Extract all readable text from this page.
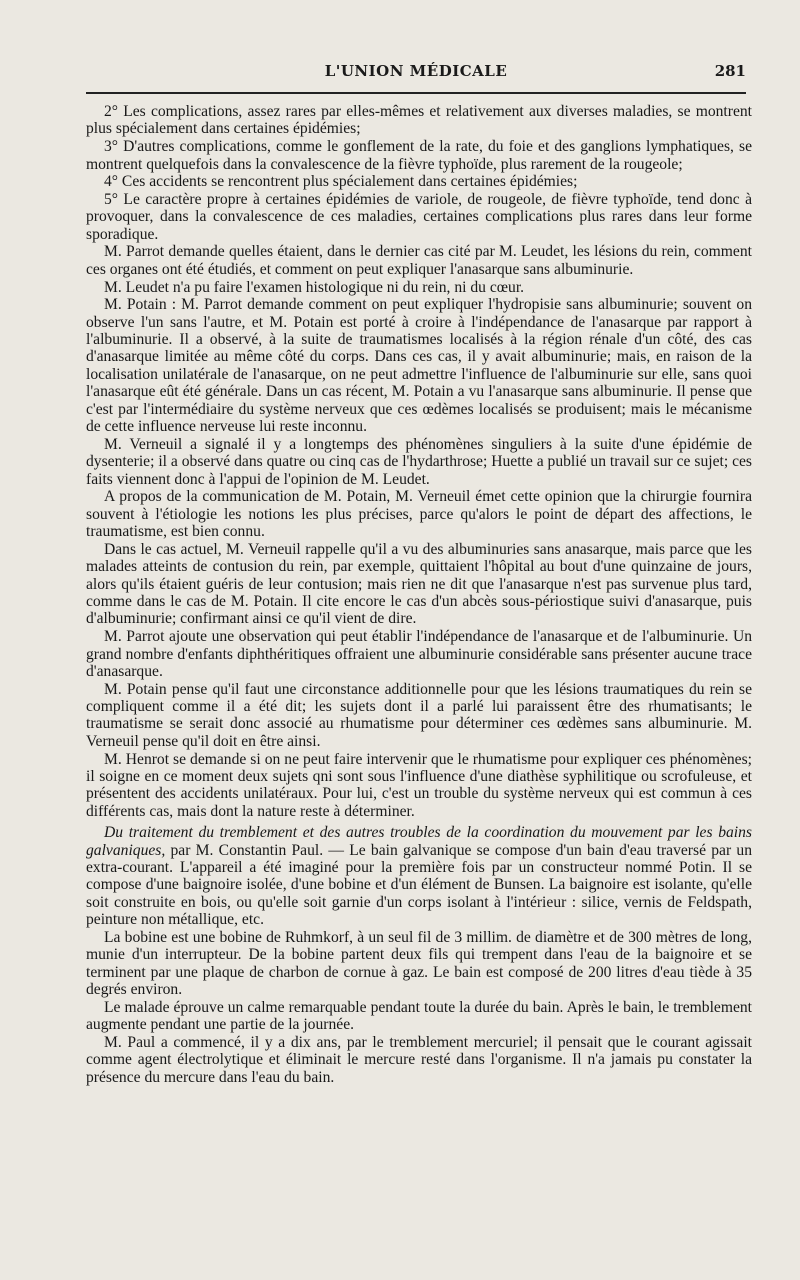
L'UNION MÉDICALE	281

2° Les complications, assez rares par elles-mêmes et relativement aux diverses maladies, se montrent plus spécialement dans certaines épidémies;

3° D'autres complications, comme le gonflement de la rate, du foie et des ganglions lymphatiques, se montrent quelquefois dans la convalescence de la fièvre typhoïde, plus rarement de la rougeole;

4° Ces accidents se rencontrent plus spécialement dans certaines épidémies;

5° Le caractère propre à certaines épidémies de variole, de rougeole, de fièvre typhoïde, tend donc à provoquer, dans la convalescence de ces maladies, certaines complications plus rares dans leur forme sporadique.

M. Parrot demande quelles étaient, dans le dernier cas cité par M. Leudet, les lésions du rein, comment ces organes ont été étudiés, et comment on peut expliquer l'anasarque sans albuminurie.

M. Leudet n'a pu faire l'examen histologique ni du rein, ni du cœur.

M. Potain : M. Parrot demande comment on peut expliquer l'hydropisie sans albuminurie; souvent on observe l'un sans l'autre, et M. Potain est porté à croire à l'indépendance de l'anasarque par rapport à l'albuminurie. Il a observé, à la suite de traumatismes localisés à la région rénale d'un côté, des cas d'anasarque limitée au même côté du corps. Dans ces cas, il y avait albuminurie; mais, en raison de la localisation unilatérale de l'anasarque, on ne peut admettre l'influence de l'albuminurie sur elle, sans quoi l'anasarque eût été générale. Dans un cas récent, M. Potain a vu l'anasarque sans albuminurie. Il pense que c'est par l'intermédiaire du système nerveux que ces œdèmes localisés se produisent; mais le mécanisme de cette influence nerveuse lui reste inconnu.

M. Verneuil a signalé il y a longtemps des phénomènes singuliers à la suite d'une épidémie de dysenterie; il a observé dans quatre ou cinq cas de l'hydarthrose; Huette a publié un travail sur ce sujet; ces faits viennent donc à l'appui de l'opinion de M. Leudet.

A propos de la communication de M. Potain, M. Verneuil émet cette opinion que la chirurgie fournira souvent à l'étiologie les notions les plus précises, parce qu'alors le point de départ des affections, le traumatisme, est bien connu.

Dans le cas actuel, M. Verneuil rappelle qu'il a vu des albuminuries sans anasarque, mais parce que les malades atteints de contusion du rein, par exemple, quittaient l'hôpital au bout d'une quinzaine de jours, alors qu'ils étaient guéris de leur contusion; mais rien ne dit que l'anasarque n'est pas survenue plus tard, comme dans le cas de M. Potain. Il cite encore le cas d'un abcès sous-périostique suivi d'anasarque, puis d'albuminurie; confirmant ainsi ce qu'il vient de dire.

M. Parrot ajoute une observation qui peut établir l'indépendance de l'anasarque et de l'albuminurie. Un grand nombre d'enfants diphthéritiques offraient une albuminurie considérable sans présenter aucune trace d'anasarque.

M. Potain pense qu'il faut une circonstance additionnelle pour que les lésions traumatiques du rein se compliquent comme il a été dit; les sujets dont il a parlé lui paraissent être des rhumatisants; le traumatisme se serait donc associé au rhumatisme pour déterminer ces œdèmes sans albuminurie. M. Verneuil pense qu'il doit en être ainsi.

M. Henrot se demande si on ne peut faire intervenir que le rhumatisme pour expliquer ces phénomènes; il soigne en ce moment deux sujets qni sont sous l'influence d'une diathèse syphilitique ou scrofuleuse, et présentent des accidents unilatéraux. Pour lui, c'est un trouble du système nerveux qui est commun à ces différents cas, mais dont la nature reste à déterminer.

Du traitement du tremblement et des autres troubles de la coordination du mouvement par les bains galvaniques, par M. Constantin Paul. — Le bain galvanique se compose d'un bain d'eau traversé par un extra-courant. L'appareil a été imaginé pour la première fois par un constructeur nommé Potin. Il se compose d'une baignoire isolée, d'une bobine et d'un élément de Bunsen. La baignoire est isolante, qu'elle soit construite en bois, ou qu'elle soit garnie d'un corps isolant à l'intérieur : silice, vernis de Feldspath, peinture non métallique, etc.

La bobine est une bobine de Ruhmkorf, à un seul fil de 3 millim. de diamètre et de 300 mètres de long, munie d'un interrupteur. De la bobine partent deux fils qui trempent dans l'eau de la baignoire et se terminent par une plaque de charbon de cornue à gaz. Le bain est composé de 200 litres d'eau tiède à 35 degrés environ.

Le malade éprouve un calme remarquable pendant toute la durée du bain. Après le bain, le tremblement augmente pendant une partie de la journée.

M. Paul a commencé, il y a dix ans, par le tremblement mercuriel; il pensait que le courant agissait comme agent électrolytique et éliminait le mercure resté dans l'organisme. Il n'a jamais pu constater la présence du mercure dans l'eau du bain.
